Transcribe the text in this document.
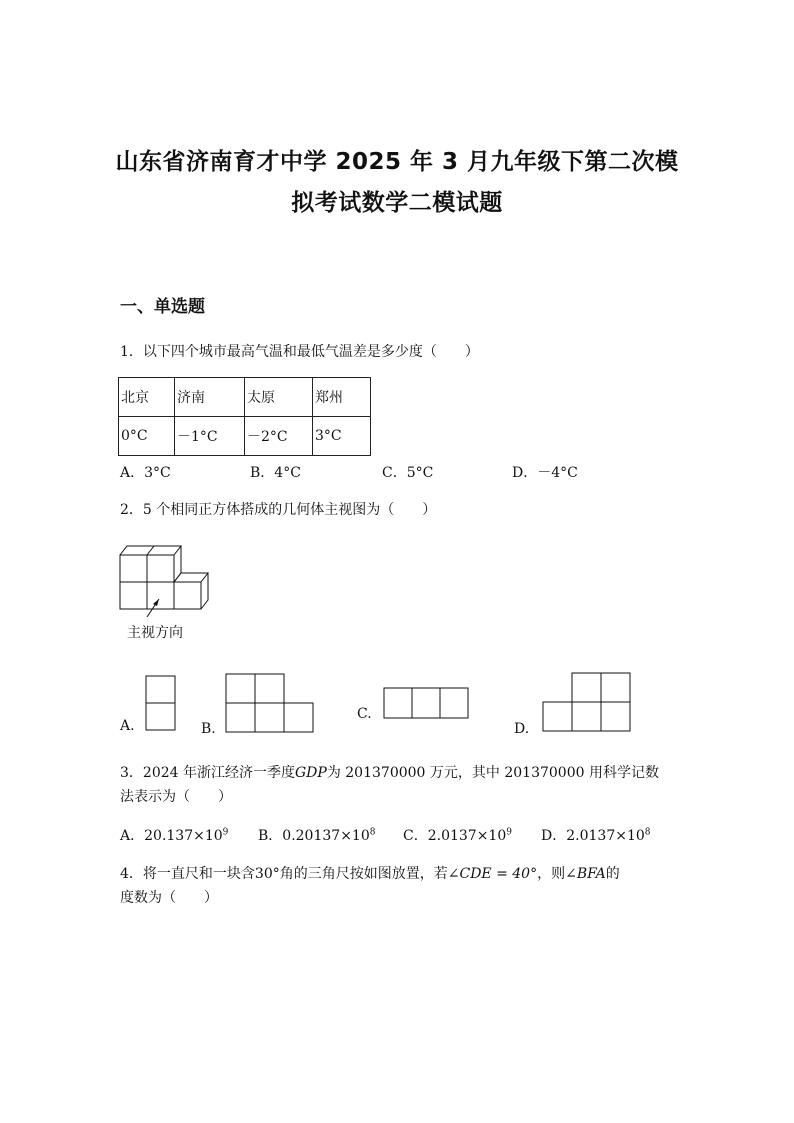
山东省济南育才中学 2025 年 3 月九年级下第二次模
拟考试数学二模试题
一、单选题
1．以下四个城市最高气温和最低气温差是多少度（　　）
北京	济南	太原	郑州
0°C	－1°C	－2°C	3°C
A．3°C	B．4°C	C．5°C	D．－4°C
2．5 个相同正方体搭成的几何体主视图为（　　）
主视方向
A.	B.
C.
D.
3．2024 年浙江经济一季度GDP为 201370000 万元，其中 201370000 用科学记数
法表示为（　　）
A．$20.137\times 10^9$ B．$0.20137\times 10^8$ C．$2.0137\times 10^9$ D．$2.0137\times 10^8$
4．将一直尺和一块含30°角的三角尺按如图放置，若∠CDE = 40°，则∠BFA的
度数为（　　）
